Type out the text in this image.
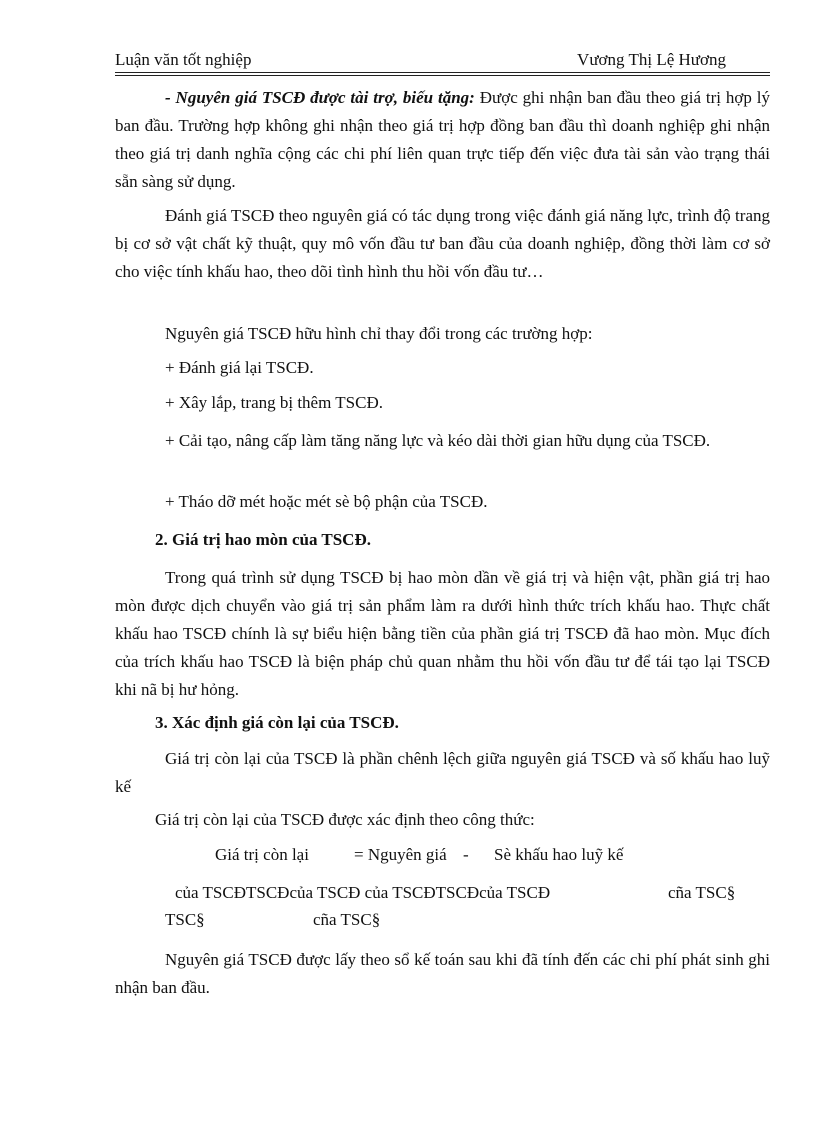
Luận văn tốt nghiệp	Vương Thị Lệ Hương

- Nguyên giá TSCĐ được tài trợ, biếu tặng: Được ghi nhận ban đầu theo giá trị hợp lý ban đầu. Trường hợp không ghi nhận theo giá trị hợp đồng ban đầu thì doanh nghiệp ghi nhận theo giá trị danh nghĩa cộng các chi phí liên quan trực tiếp đến việc đưa tài sản vào trạng thái sẵn sàng sử dụng.

Đánh giá TSCĐ theo nguyên giá có tác dụng trong việc đánh giá năng lực, trình độ trang bị cơ sở vật chất kỹ thuật, quy mô vốn đầu tư ban đầu của doanh nghiệp, đồng thời làm cơ sở cho việc tính khấu hao, theo dõi tình hình thu hồi vốn đầu tư…

Nguyên giá TSCĐ hữu hình chỉ thay đổi trong các trường hợp:

+ Đánh giá lại TSCĐ.

+ Xây lắp, trang bị thêm TSCĐ.

+ Cải tạo, nâng cấp làm tăng năng lực và kéo dài thời gian hữu dụng của TSCĐ.

+ Tháo dỡ mét hoặc mét sè bộ phận của TSCĐ.

2. Giá trị hao mòn của TSCĐ.

Trong quá trình sử dụng TSCĐ bị hao mòn dần về giá trị và hiện vật, phần giá trị hao mòn được dịch chuyển vào giá trị sản phẩm làm ra dưới hình thức trích khấu hao. Thực chất khấu hao TSCĐ chính là sự biểu hiện bằng tiền của phần giá trị TSCĐ đã hao mòn. Mục đích của trích khấu hao TSCĐ là biện pháp chủ quan nhằm thu hồi vốn đầu tư để tái tạo lại TSCĐ khi nã bị hư hỏng.

3. Xác định giá còn lại của TSCĐ.

Giá trị còn lại của TSCĐ là phần chênh lệch giữa nguyên giá TSCĐ và số khấu hao luỹ kế

Giá trị còn lại của TSCĐ được xác định theo công thức:

Giá trị còn lại	= Nguyên giá - Sè khấu hao luỹ kế

của TSCĐTSCĐcủa TSCĐ của TSCĐTSCĐcủa TSCĐ	cña TSC§

TSC§	cña TSC§

Nguyên giá TSCĐ được lấy theo sổ kế toán sau khi đã tính đến các chi phí phát sinh ghi nhận ban đầu.
